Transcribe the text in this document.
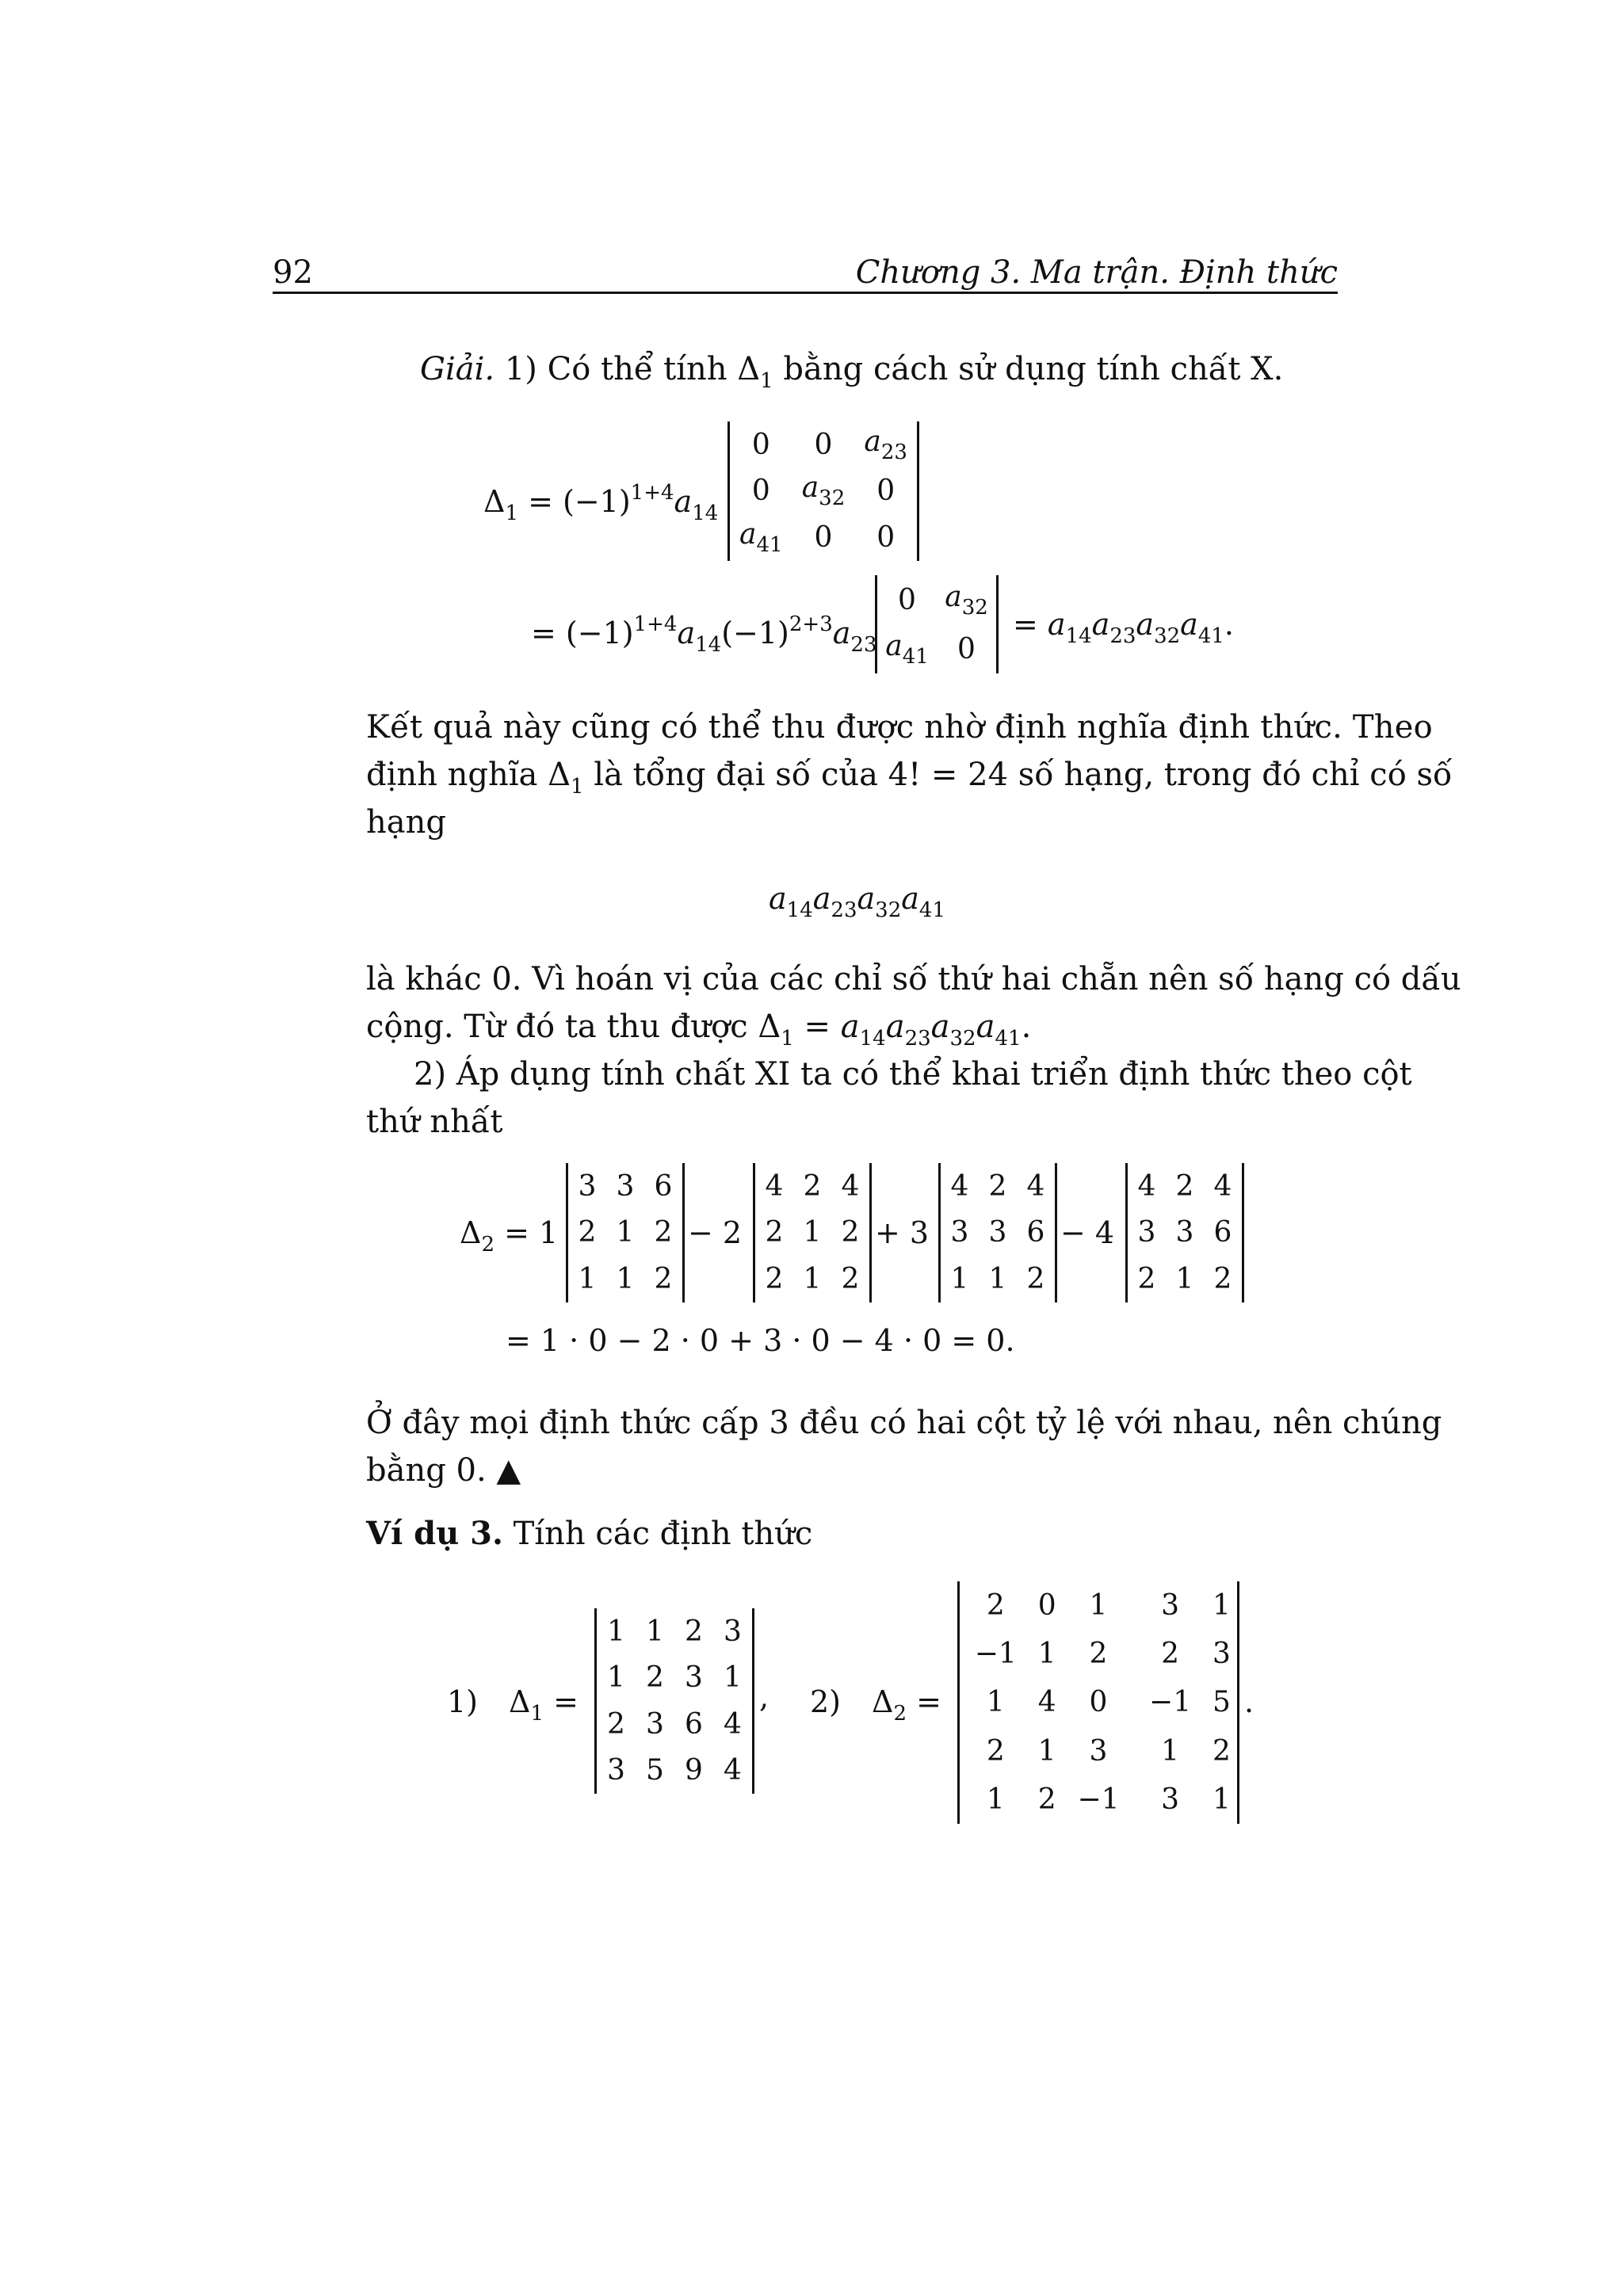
92	Chương 3. Ma trận. Định thức
Giải. 1) Có thể tính $\Delta_1$ bằng cách sử dụng tính chất X.
$\Delta_1 = (-1)^{1+4}a_{14}$
0	0	$a_{23}$
0	$a_{32}$	0
$a_{41}$	0	0
= $(-1)^{1+4}a_{14}(-1)^{2+3}a_{23}$
0	$a_{32}$
$a_{41}$	0
= $a_{14}a_{23}a_{32}a_{41}$.
Kết quả này cũng có thể thu được nhờ định nghĩa định thức. Theo
định nghĩa $\Delta_1$ là tổng đại số của 4! = 24 số hạng, trong đó chỉ có số
hạng
$a_{14}a_{23}a_{32}a_{41}$
là khác 0. Vì hoán vị của các chỉ số thứ hai chẵn nên số hạng có dấu
cộng. Từ đó ta thu được $\Delta_1 = a_{14}a_{23}a_{32}a_{41}$.
2) Áp dụng tính chất XI ta có thể khai triển định thức theo cột
thứ nhất
$\Delta_2 = 1$
3	3	6
2	1	2
1	1	2
− 2
4	2	4
2	1	2
2	1	2
+ 3
4	2	4
3	3	6
1	1	2
− 4
4	2	4
3	3	6
2	1	2
= 1 · 0 − 2 · 0 + 3 · 0 − 4 · 0 = 0.
Ở đây mọi định thức cấp 3 đều có hai cột tỷ lệ với nhau, nên chúng
bằng 0. ▲
Ví dụ 3. Tính các định thức
1) $\Delta_1$ =
1	1	2	3
1	2	3	1
2	3	6	4
3	5	9	4
, 2) $\Delta_2$ =
2	0	1	3	1
−1	1	2	2	3
1	4	0	−1	5
2	1	3	1	2
1	2	−1	3	1
.
